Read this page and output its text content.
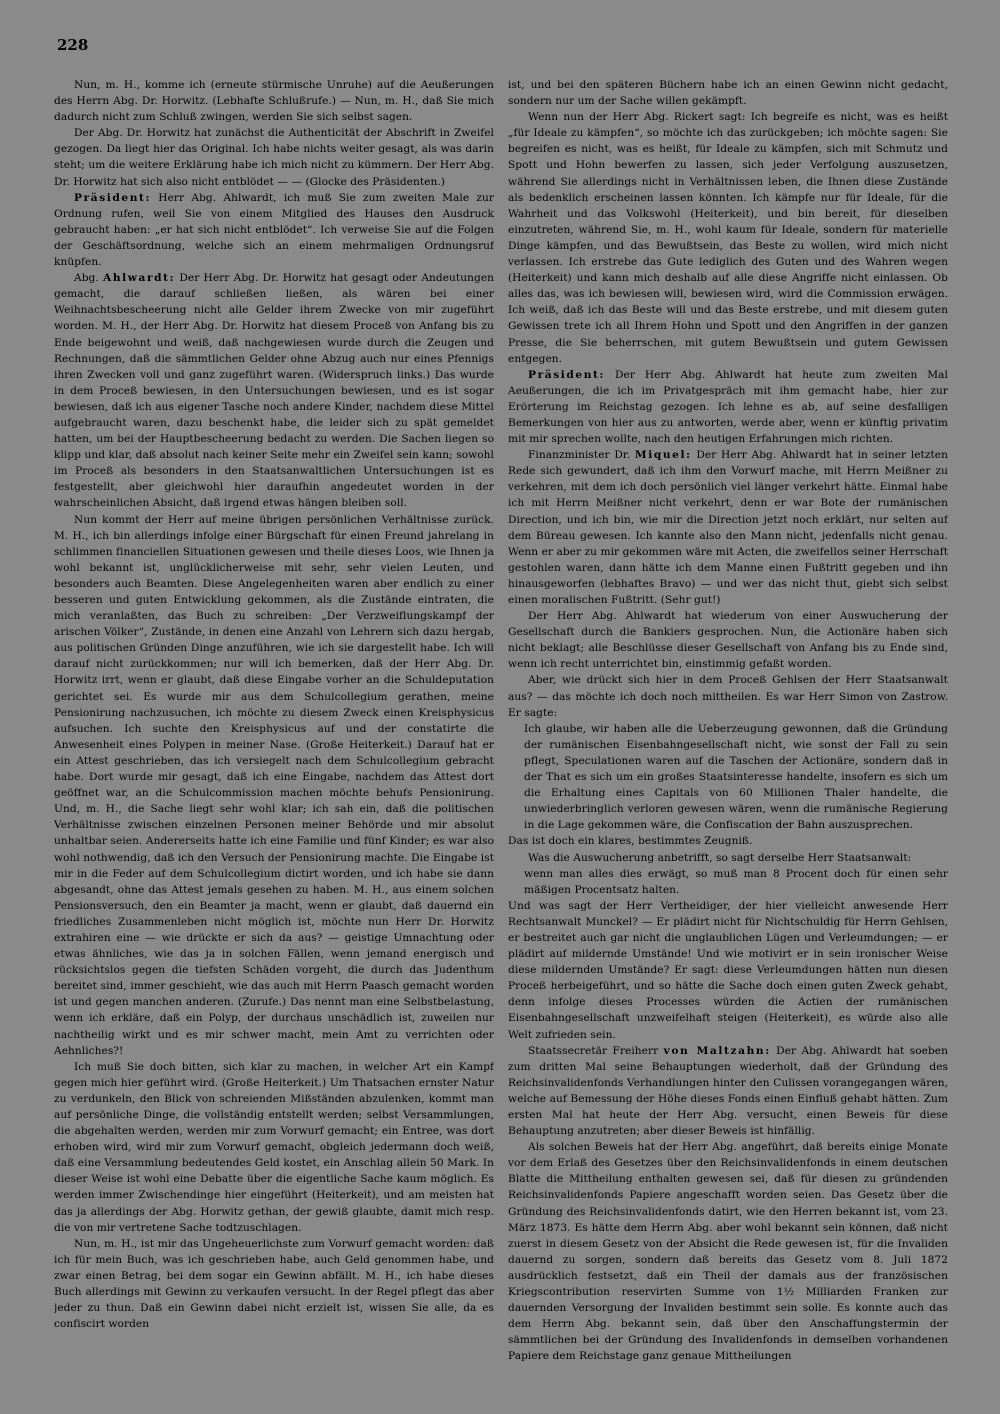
228

Nun, m. H., komme ich (erneute stürmische Unruhe) auf die Aeußerungen des Herrn Abg. Dr. Horwitz. (Lebhafte Schlußrufe.) — Nun, m. H., daß Sie mich dadurch nicht zum Schluß zwingen, werden Sie sich selbst sagen.

Der Abg. Dr. Horwitz hat zunächst die Authenticität der Abschrift in Zweifel gezogen. Da liegt hier das Original. Ich habe nichts weiter gesagt, als was darin steht; um die weitere Erklärung habe ich mich nicht zu kümmern. Der Herr Abg. Dr. Horwitz hat sich also nicht entblödet — — (Glocke des Präsidenten.)

Präsident: Herr Abg. Ahlwardt, ich muß Sie zum zweiten Male zur Ordnung rufen, weil Sie von einem Mitglied des Hauses den Ausdruck gebraucht haben: „er hat sich nicht entblödet“. Ich verweise Sie auf die Folgen der Geschäftsordnung, welche sich an einem mehrmaligen Ordnungsruf knüpfen.

Abg. Ahlwardt: Der Herr Abg. Dr. Horwitz hat gesagt oder Andeutungen gemacht, die darauf schließen ließen, als wären bei einer Weihnachtsbescheerung nicht alle Gelder ihrem Zwecke von mir zugeführt worden. M. H., der Herr Abg. Dr. Horwitz hat diesem Proceß von Anfang bis zu Ende beigewohnt und weiß, daß nachgewiesen wurde durch die Zeugen und Rechnungen, daß die sämmtlichen Gelder ohne Abzug auch nur eines Pfennigs ihren Zwecken voll und ganz zugeführt waren. (Widerspruch links.) Das wurde in dem Proceß bewiesen, in den Untersuchungen bewiesen, und es ist sogar bewiesen, daß ich aus eigener Tasche noch andere Kinder, nachdem diese Mittel aufgebraucht waren, dazu beschenkt habe, die leider sich zu spät gemeldet hatten, um bei der Hauptbescheerung bedacht zu werden. Die Sachen liegen so klipp und klar, daß absolut nach keiner Seite mehr ein Zweifel sein kann; sowohl im Proceß als besonders in den Staatsanwaltlichen Untersuchungen ist es festgestellt, aber gleichwohl hier daraufhin angedeutet worden in der wahrscheinlichen Absicht, daß irgend etwas hängen bleiben soll.

Nun kommt der Herr auf meine übrigen persönlichen Verhältnisse zurück. M. H., ich bin allerdings infolge einer Bürgschaft für einen Freund jahrelang in schlimmen financiellen Situationen gewesen und theile dieses Loos, wie Ihnen ja wohl bekannt ist, unglücklicherweise mit sehr, sehr vielen Leuten, und besonders auch Beamten. Diese Angelegenheiten waren aber endlich zu einer besseren und guten Entwicklung gekommen, als die Zustände eintraten, die mich veranlaßten, das Buch zu schreiben: „Der Verzweiflungskampf der arischen Völker“, Zustände, in denen eine Anzahl von Lehrern sich dazu hergab, aus politischen Gründen Dinge anzuführen, wie ich sie dargestellt habe. Ich will darauf nicht zurückkommen; nur will ich bemerken, daß der Herr Abg. Dr. Horwitz irrt, wenn er glaubt, daß diese Eingabe vorher an die Schuldeputation gerichtet sei. Es wurde mir aus dem Schulcollegium gerathen, meine Pensionirung nachzusuchen, ich möchte zu diesem Zweck einen Kreisphysicus aufsuchen. Ich suchte den Kreisphysicus auf und der constatirte die Anwesenheit eines Polypen in meiner Nase. (Große Heiterkeit.) Darauf hat er ein Attest geschrieben, das ich versiegelt nach dem Schulcollegium gebracht habe. Dort wurde mir gesagt, daß ich eine Eingabe, nachdem das Attest dort geöffnet war, an die Schulcommission machen möchte behufs Pensionirung. Und, m. H., die Sache liegt sehr wohl klar; ich sah ein, daß die politischen Verhältnisse zwischen einzelnen Personen meiner Behörde und mir absolut unhaltbar seien. Andererseits hatte ich eine Familie und fünf Kinder; es war also wohl nothwendig, daß ich den Versuch der Pensionirung machte. Die Eingabe ist mir in die Feder auf dem Schulcollegium dictirt worden, und ich habe sie dann abgesandt, ohne das Attest jemals gesehen zu haben. M. H., aus einem solchen Pensionsversuch, den ein Beamter ja macht, wenn er glaubt, daß dauernd ein friedliches Zusammenleben nicht möglich ist, möchte nun Herr Dr. Horwitz extrahiren eine — wie drückte er sich da aus? — geistige Umnachtung oder etwas ähnliches, wie das ja in solchen Fällen, wenn jemand energisch und rücksichtslos gegen die tiefsten Schäden vorgeht, die durch das Judenthum bereitet sind, immer geschieht, wie das auch mit Herrn Paasch gemacht worden ist und gegen manchen anderen. (Zurufe.) Das nennt man eine Selbstbelastung, wenn ich erkläre, daß ein Polyp, der durchaus unschädlich ist, zuweilen nur nachtheilig wirkt und es mir schwer macht, mein Amt zu verrichten oder Aehnliches?!

Ich muß Sie doch bitten, sich klar zu machen, in welcher Art ein Kampf gegen mich hier geführt wird. (Große Heiterkeit.) Um Thatsachen ernster Natur zu verdunkeln, den Blick von schreienden Mißständen abzulenken, kommt man auf persönliche Dinge, die vollständig entstellt werden; selbst Versammlungen, die abgehalten werden, werden mir zum Vorwurf gemacht; ein Entree, was dort erhoben wird, wird mir zum Vorwurf gemacht, obgleich jedermann doch weiß, daß eine Versammlung bedeutendes Geld kostet, ein Anschlag allein 50 Mark. In dieser Weise ist wohl eine Debatte über die eigentliche Sache kaum möglich. Es werden immer Zwischendinge hier eingeführt (Heiterkeit), und am meisten hat das ja allerdings der Abg. Horwitz gethan, der gewiß glaubte, damit mich resp. die von mir vertretene Sache todtzuschlagen.

Nun, m. H., ist mir das Ungeheuerlichste zum Vorwurf gemacht worden: daß ich für mein Buch, was ich geschrieben habe, auch Geld genommen habe, und zwar einen Betrag, bei dem sogar ein Gewinn abfällt. M. H., ich habe dieses Buch allerdings mit Gewinn zu verkaufen versucht. In der Regel pflegt das aber jeder zu thun. Daß ein Gewinn dabei nicht erzielt ist, wissen Sie alle, da es confiscirt worden

ist, und bei den späteren Büchern habe ich an einen Gewinn nicht gedacht, sondern nur um der Sache willen gekämpft.

Wenn nun der Herr Abg. Rickert sagt: Ich begreife es nicht, was es heißt „für Ideale zu kämpfen“, so möchte ich das zurückgeben; ich möchte sagen: Sie begreifen es nicht, was es heißt, für Ideale zu kämpfen, sich mit Schmutz und Spott und Hohn bewerfen zu lassen, sich jeder Verfolgung auszusetzen, während Sie allerdings nicht in Verhältnissen leben, die Ihnen diese Zustände als bedenklich erscheinen lassen könnten. Ich kämpfe nur für Ideale, für die Wahrheit und das Volkswohl (Heiterkeit), und bin bereit, für dieselben einzutreten, während Sie, m. H., wohl kaum für Ideale, sondern für materielle Dinge kämpfen, und das Bewußtsein, das Beste zu wollen, wird mich nicht verlassen. Ich erstrebe das Gute lediglich des Guten und des Wahren wegen (Heiterkeit) und kann mich deshalb auf alle diese Angriffe nicht einlassen. Ob alles das, was ich bewiesen will, bewiesen wird, wird die Commission erwägen. Ich weiß, daß ich das Beste will und das Beste erstrebe, und mit diesem guten Gewissen trete ich all Ihrem Hohn und Spott und den Angriffen in der ganzen Presse, die Sie beherrschen, mit gutem Bewußtsein und gutem Gewissen entgegen.

Präsident: Der Herr Abg. Ahlwardt hat heute zum zweiten Mal Aeußerungen, die ich im Privatgespräch mit ihm gemacht habe, hier zur Erörterung im Reichstag gezogen. Ich lehne es ab, auf seine desfalligen Bemerkungen von hier aus zu antworten, werde aber, wenn er künftig privatim mit mir sprechen wollte, nach den heutigen Erfahrungen mich richten.

Finanzminister Dr. Miquel: Der Herr Abg. Ahlwardt hat in seiner letzten Rede sich gewundert, daß ich ihm den Vorwurf mache, mit Herrn Meißner zu verkehren, mit dem ich doch persönlich viel länger verkehrt hätte. Einmal habe ich mit Herrn Meißner nicht verkehrt, denn er war Bote der rumänischen Direction, und ich bin, wie mir die Direction jetzt noch erklärt, nur selten auf dem Büreau gewesen. Ich kannte also den Mann nicht, jedenfalls nicht genau. Wenn er aber zu mir gekommen wäre mit Acten, die zweifellos seiner Herrschaft gestohlen waren, dann hätte ich dem Manne einen Fußtritt gegeben und ihn hinausgeworfen (lebhaftes Bravo) — und wer das nicht thut, giebt sich selbst einen moralischen Fußtritt. (Sehr gut!)

Der Herr Abg. Ahlwardt hat wiederum von einer Auswucherung der Gesellschaft durch die Bankiers gesprochen. Nun, die Actionäre haben sich nicht beklagt; alle Beschlüsse dieser Gesellschaft von Anfang bis zu Ende sind, wenn ich recht unterrichtet bin, einstimmig gefaßt worden.

Aber, wie drückt sich hier in dem Proceß Gehlsen der Herr Staatsanwalt aus? — das möchte ich doch noch mittheilen. Es war Herr Simon von Zastrow. Er sagte:

Ich glaube, wir haben alle die Ueberzeugung gewonnen, daß die Gründung der rumänischen Eisenbahngesellschaft nicht, wie sonst der Fall zu sein pflegt, Speculationen waren auf die Taschen der Actionäre, sondern daß in der That es sich um ein großes Staatsinteresse handelte, insofern es sich um die Erhaltung eines Capitals von 60 Millionen Thaler handelte, die unwiederbringlich verloren gewesen wären, wenn die rumänische Regierung in die Lage gekommen wäre, die Confiscation der Bahn auszusprechen.

Das ist doch ein klares, bestimmtes Zeugniß.

Was die Auswucherung anbetrifft, so sagt derselbe Herr Staatsanwalt:

wenn man alles dies erwägt, so muß man 8 Procent doch für einen sehr mäßigen Procentsatz halten.

Und was sagt der Herr Vertheidiger, der hier vielleicht anwesende Herr Rechtsanwalt Munckel? — Er plädirt nicht für Nichtschuldig für Herrn Gehlsen, er bestreitet auch gar nicht die unglaublichen Lügen und Verleumdungen; — er plädirt auf mildernde Umstände! Und wie motivirt er in sein ironischer Weise diese mildernden Umstände? Er sagt: diese Verleumdungen hätten nun diesen Proceß herbeigeführt, und so hätte die Sache doch einen guten Zweck gehabt, denn infolge dieses Processes würden die Actien der rumänischen Eisenbahngesellschaft unzweifelhaft steigen (Heiterkeit), es würde also alle Welt zufrieden sein.

Staatssecretär Freiherr von Maltzahn: Der Abg. Ahlwardt hat soeben zum dritten Mal seine Behauptungen wiederholt, daß der Gründung des Reichsinvalidenfonds Verhandlungen hinter den Culissen vorangegangen wären, welche auf Bemessung der Höhe dieses Fonds einen Einfluß gehabt hätten. Zum ersten Mal hat heute der Herr Abg. versucht, einen Beweis für diese Behauptung anzutreten; aber dieser Beweis ist hinfällig.

Als solchen Beweis hat der Herr Abg. angeführt, daß bereits einige Monate vor dem Erlaß des Gesetzes über den Reichsinvalidenfonds in einem deutschen Blatte die Mittheilung enthalten gewesen sei, daß für diesen zu gründenden Reichsinvalidenfonds Papiere angeschafft worden seien. Das Gesetz über die Gründung des Reichsinvalidenfonds datirt, wie den Herren bekannt ist, vom 23. März 1873. Es hätte dem Herrn Abg. aber wohl bekannt sein können, daß nicht zuerst in diesem Gesetz von der Absicht die Rede gewesen ist, für die Invaliden dauernd zu sorgen, sondern daß bereits das Gesetz vom 8. Juli 1872 ausdrücklich festsetzt, daß ein Theil der damals aus der französischen Kriegscontribution reservirten Summe von 1½ Milliarden Franken zur dauernden Versorgung der Invaliden bestimmt sein solle. Es konnte auch das dem Herrn Abg. bekannt sein, daß über den Anschaffungstermin der sämmtlichen bei der Gründung des Invalidenfonds in demselben vorhandenen Papiere dem Reichstage ganz genaue Mittheilungen
